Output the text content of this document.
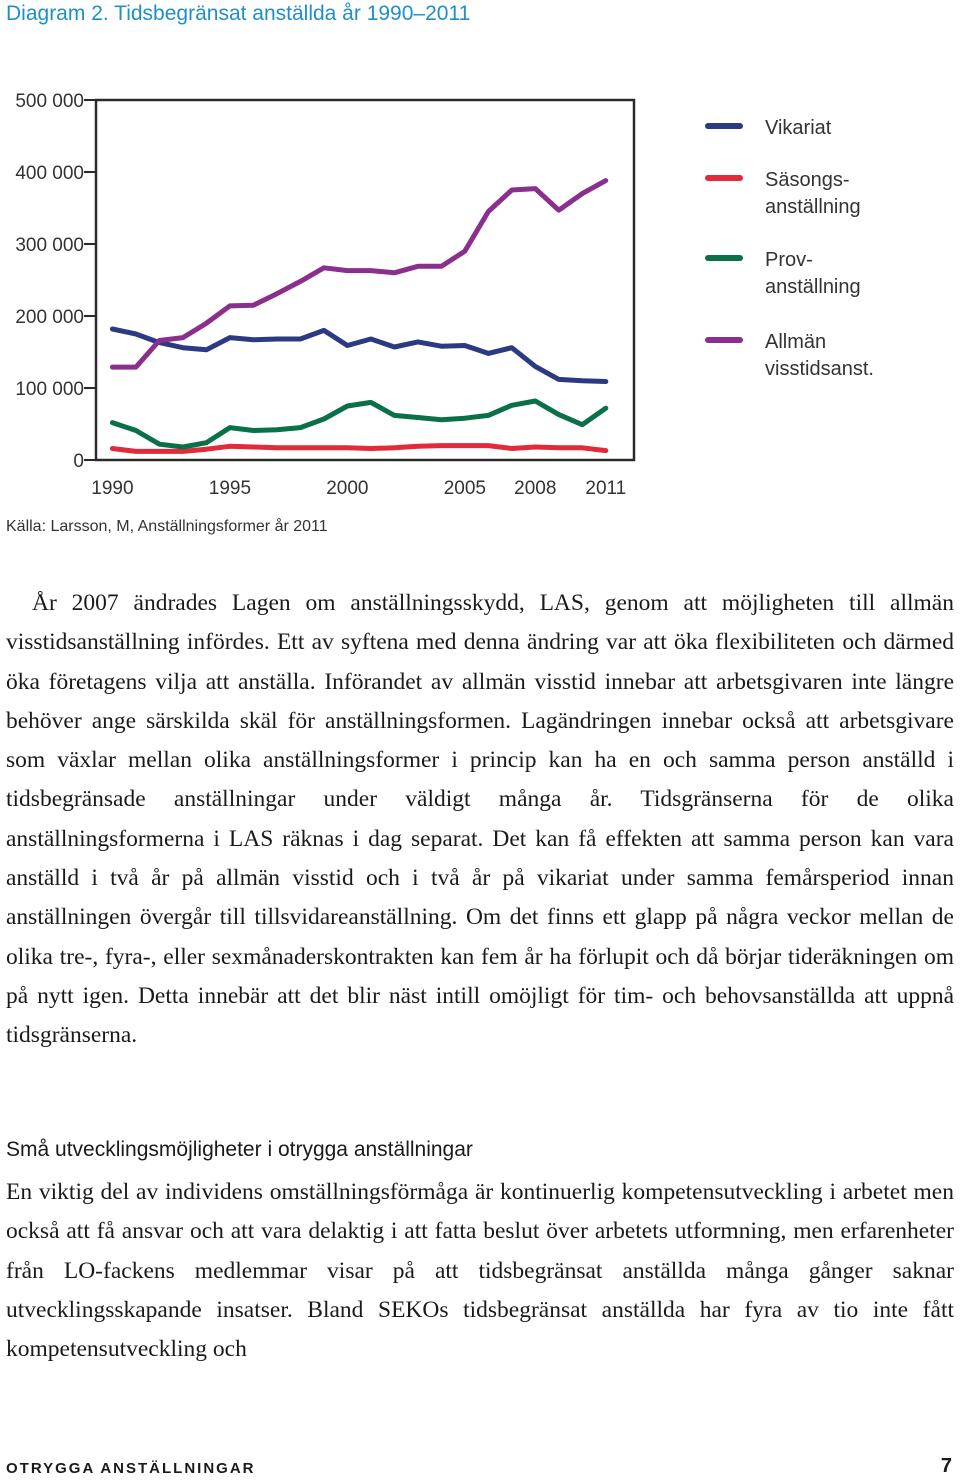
Diagram 2. Tidsbegränsat anställda år 1990–2011
0
100 000
200 000
300 000
400 000
500 000
1990	1995	2000	2005 2008 2011
Vikariat
Säsongs-anställning
Prov-anställning
Allmän visstidsanst.
Källa: Larsson, M, Anställningsformer år 2011

År 2007 ändrades Lagen om anställningsskydd, LAS, genom att möjligheten till allmän visstidsanställning infördes. Ett av syftena med denna ändring var att öka flexibiliteten och därmed öka företagens vilja att anställa. Införandet av allmän visstid innebar att arbetsgivaren inte längre behöver ange särskilda skäl för anställningsformen. Lagändringen innebar också att arbetsgivare som växlar mellan olika anställningsformer i princip kan ha en och samma person anställd i tidsbegränsade anställningar under väldigt många år. Tidsgränserna för de olika anställningsformerna i LAS räknas i dag separat. Det kan få effekten att samma person kan vara anställd i två år på allmän visstid och i två år på vikariat under samma femårsperiod innan anställningen övergår till tillsvidareanställning. Om det finns ett glapp på några veckor mellan de olika tre-, fyra-, eller sexmånaderskontrakten kan fem år ha förlupit och då börjar tideräkningen om på nytt igen. Detta innebär att det blir näst intill omöjligt för tim- och behovsanställda att uppnå tidsgränserna.

Små utvecklingsmöjligheter i otrygga anställningar

En viktig del av individens omställningsförmåga är kontinuerlig kompetensutveckling i arbetet men också att få ansvar och att vara delaktig i att fatta beslut över arbetets utformning, men erfarenheter från LO-fackens medlemmar visar på att tidsbegränsat anställda många gånger saknar utvecklingsskapande insatser. Bland SEKOs tidsbegränsat anställda har fyra av tio inte fått kompetensutveckling och

OTRYGGA ANSTÄLLNINGAR	7
